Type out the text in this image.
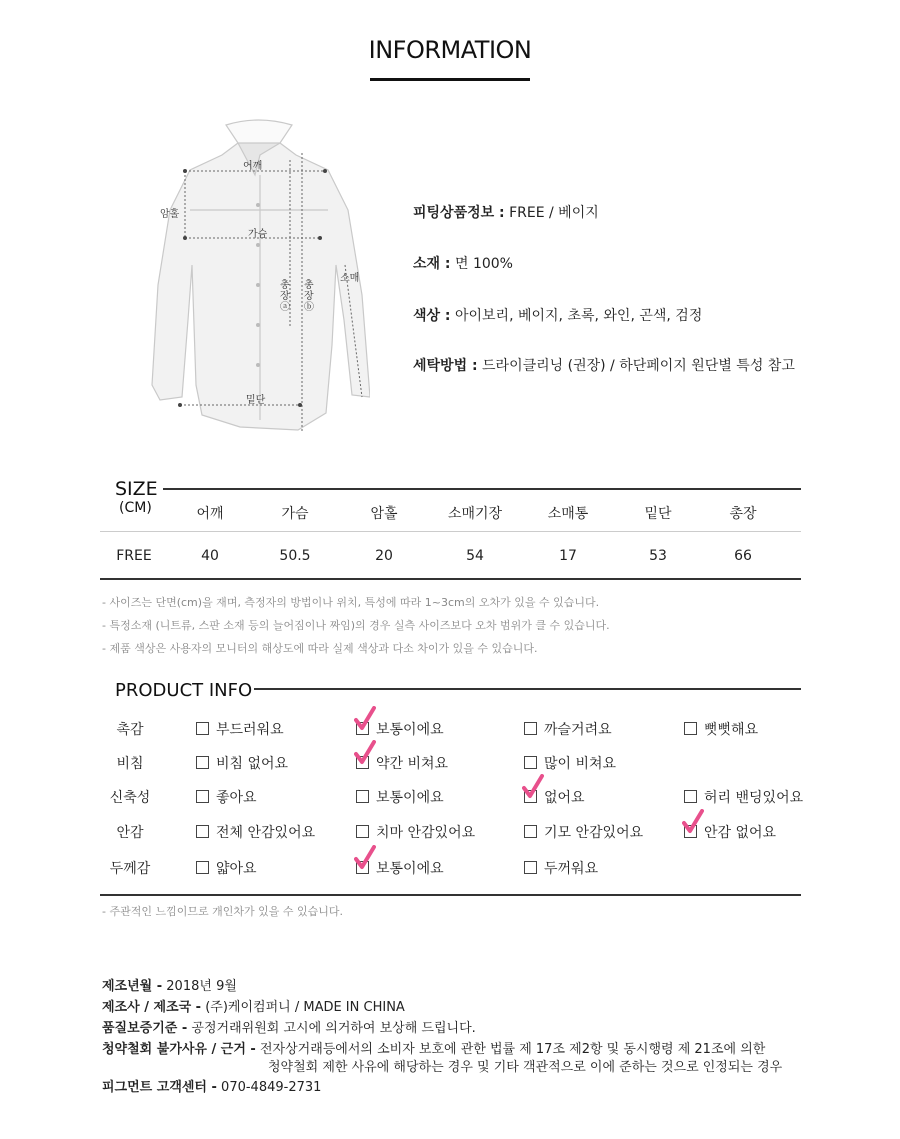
INFORMATION
어깨
암홀
가슴
소매
총장 ⓐ
총장 ⓑ
밑단
피팅상품정보 : FREE / 베이지
소재 : 면 100%
색상 : 아이보리, 베이지, 초록, 와인, 곤색, 검정
세탁방법 : 드라이클리닝 (권장) / 하단페이지 원단별 특성 참고
SIZE
(CM)	어깨	가슴	암홀	소매기장	소매통	밑단	총장
FREE	40	50.5	20	54	17	53	66
- 사이즈는 단면(cm)을 재며, 측정자의 방법이나 위치, 특성에 따라 1~3cm의 오차가 있을 수 있습니다.
- 특정소재 (니트류, 스판 소재 등의 늘어짐이나 짜임)의 경우 실측 사이즈보다 오차 범위가 클 수 있습니다.
- 제품 색상은 사용자의 모니터의 해상도에 따라 실제 색상과 다소 차이가 있을 수 있습니다.
PRODUCT INFO
촉감	부드러워요	보통이에요	까슬거려요	뻣뻣해요
비침	비침 없어요	약간 비쳐요	많이 비쳐요
신축성	좋아요	보통이에요	없어요	허리 밴딩있어요
안감	전체 안감있어요	치마 안감있어요	기모 안감있어요	안감 없어요
두께감	얇아요	보통이에요	두꺼워요
- 주관적인 느낌이므로 개인차가 있을 수 있습니다.
제조년월 - 2018년 9월
제조사 / 제조국 - (주)케이컴퍼니 / MADE IN CHINA
품질보증기준 - 공정거래위원회 고시에 의거하여 보상해 드립니다.
청약철회 불가사유 / 근거 - 전자상거래등에서의 소비자 보호에 관한 법률 제 17조 제2항 및 동시행령 제 21조에 의한
청약철회 제한 사유에 해당하는 경우 및 기타 객관적으로 이에 준하는 것으로 인정되는 경우
피그먼트 고객센터 - 070-4849-2731
